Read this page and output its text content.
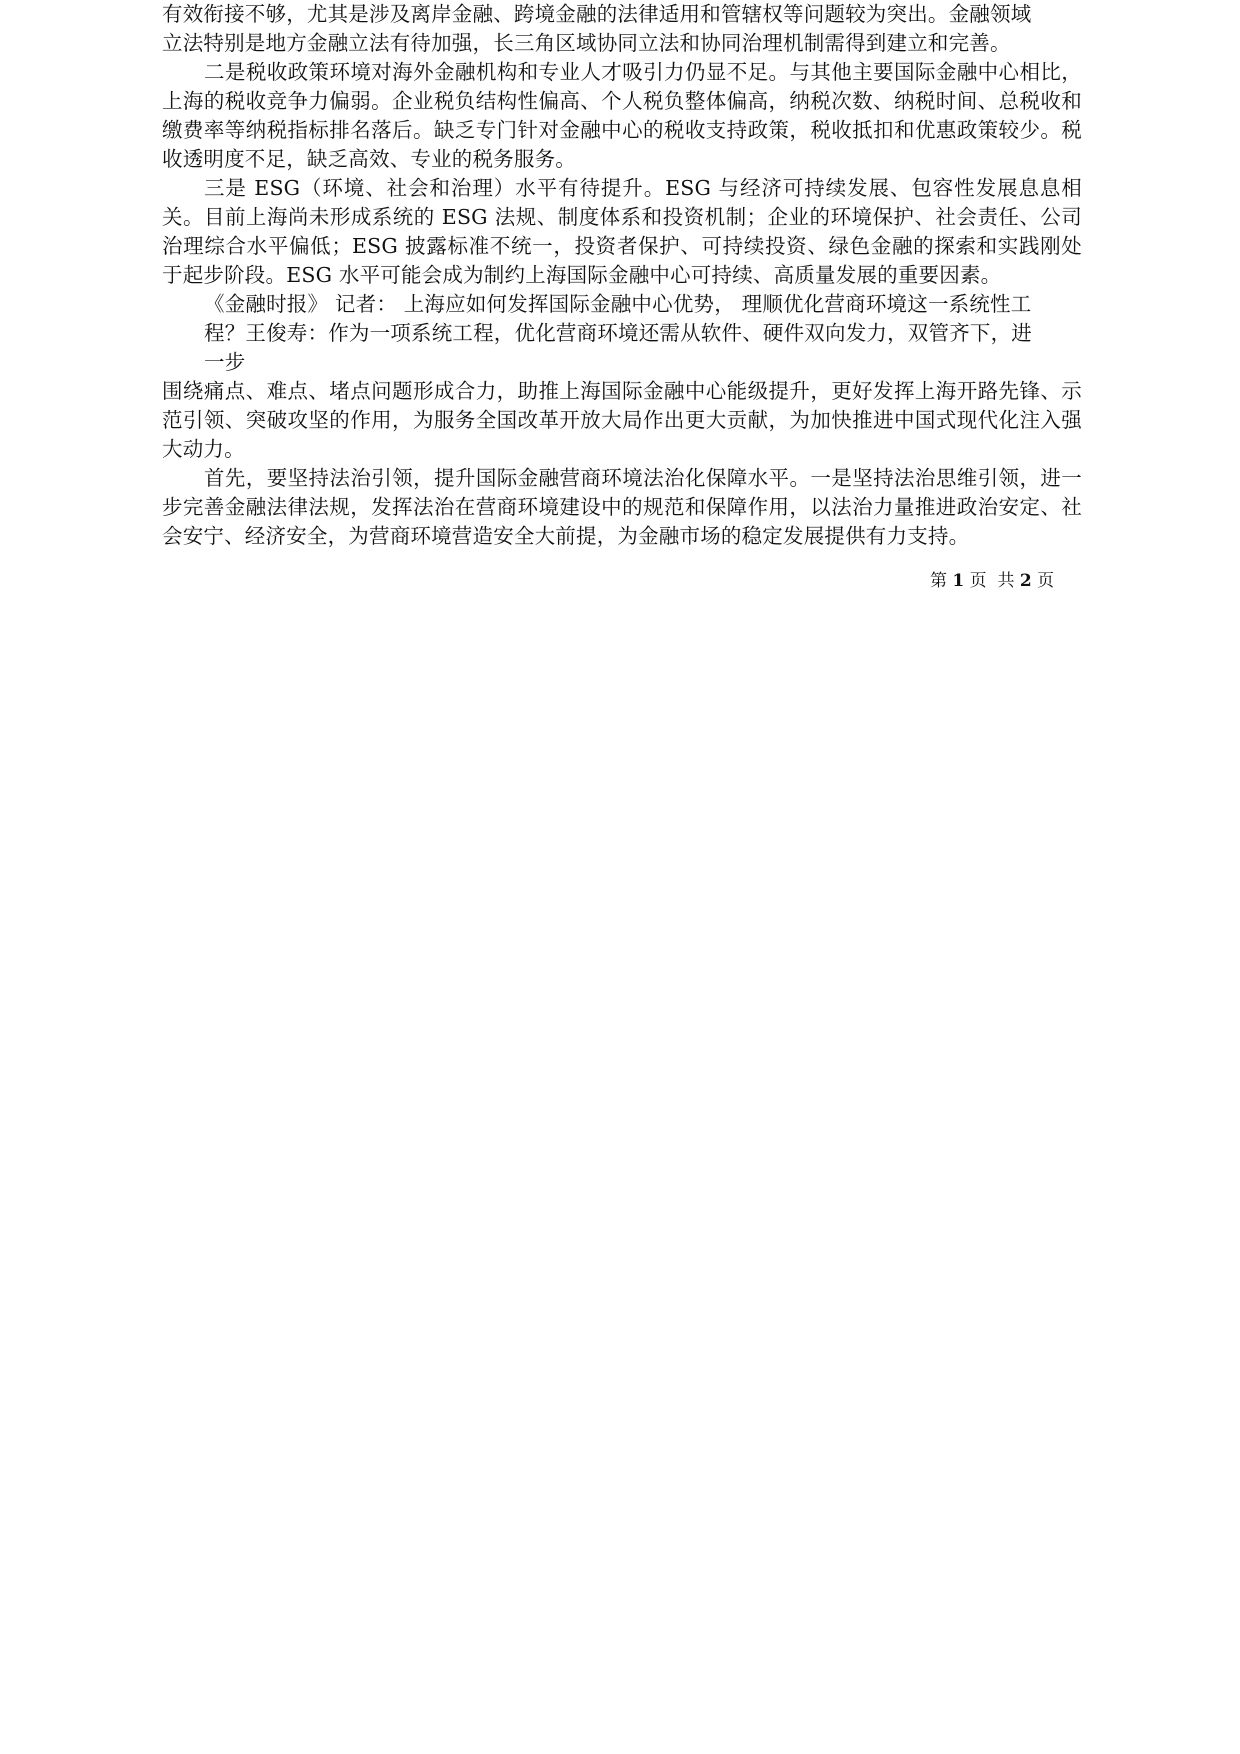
有效衔接不够，尤其是涉及离岸金融、跨境金融的法律适用和管辖权等问题较为突出。金融领域

立法特别是地方金融立法有待加强，长三角区域协同立法和协同治理机制需得到建立和完善。

二是税收政策环境对海外金融机构和专业人才吸引力仍显不足。与其他主要国际金融中心相比，上海的税收竞争力偏弱。企业税负结构性偏高、个人税负整体偏高，纳税次数、纳税时间、总税收和缴费率等纳税指标排名落后。缺乏专门针对金融中心的税收支持政策，税收抵扣和优惠政策较少。税收透明度不足，缺乏高效、专业的税务服务。

三是 ESG（环境、社会和治理）水平有待提升。ESG 与经济可持续发展、包容性发展息息相关。目前上海尚未形成系统的 ESG 法规、制度体系和投资机制；企业的环境保护、社会责任、公司治理综合水平偏低；ESG 披露标准不统一，投资者保护、可持续投资、绿色金融的探索和实践刚处于起步阶段。ESG 水平可能会成为制约上海国际金融中心可持续、高质量发展的重要因素。

《金融时报》 记者： 上海应如何发挥国际金融中心优势， 理顺优化营商环境这一系统性工

程？王俊寿：作为一项系统工程，优化营商环境还需从软件、硬件双向发力，双管齐下，进

一步

围绕痛点、难点、堵点问题形成合力，助推上海国际金融中心能级提升，更好发挥上海开路先锋、示范引领、突破攻坚的作用，为服务全国改革开放大局作出更大贡献，为加快推进中国式现代化注入强大动力。

首先，要坚持法治引领，提升国际金融营商环境法治化保障水平。一是坚持法治思维引领，进一步完善金融法律法规，发挥法治在营商环境建设中的规范和保障作用，以法治力量推进政治安定、社会安宁、经济安全，为营商环境营造安全大前提，为金融市场的稳定发展提供有力支持。

第 1 页  共 2 页
